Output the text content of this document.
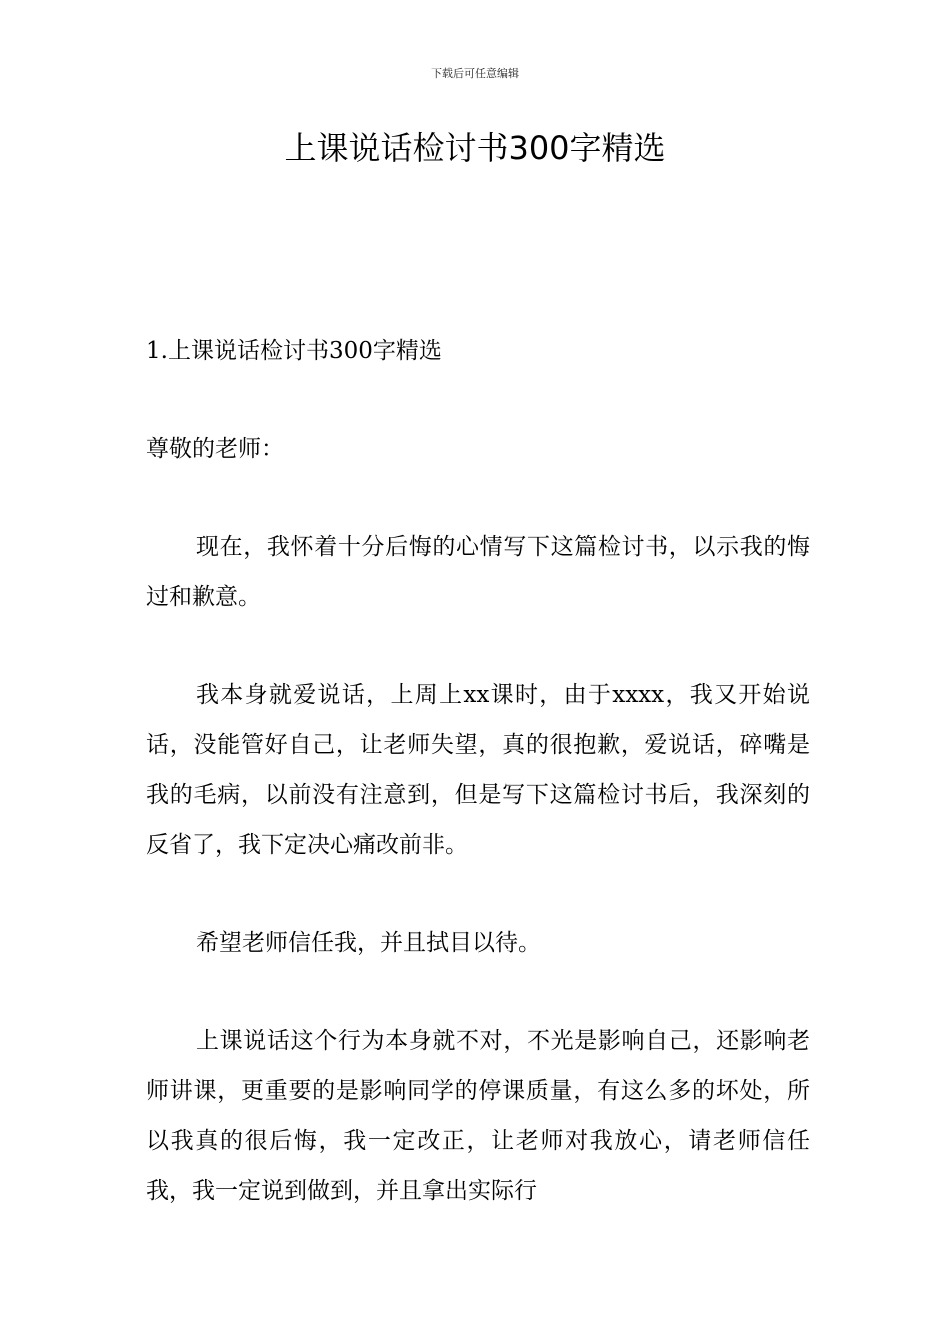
下载后可任意编辑
上课说话检讨书300字精选

1.上课说话检讨书300字精选

尊敬的老师：

现在，我怀着十分后悔的心情写下这篇检讨书，以示我的悔过和歉意。

我本身就爱说话，上周上xx课时，由于xxxx，我又开始说话，没能管好自己，让老师失望，真的很抱歉，爱说话，碎嘴是我的毛病，以前没有注意到，但是写下这篇检讨书后，我深刻的反省了，我下定决心痛改前非。

希望老师信任我，并且拭目以待。

上课说话这个行为本身就不对，不光是影响自己，还影响老师讲课，更重要的是影响同学的停课质量，有这么多的坏处，所以我真的很后悔，我一定改正，让老师对我放心，请老师信任我，我一定说到做到，并且拿出实际行
